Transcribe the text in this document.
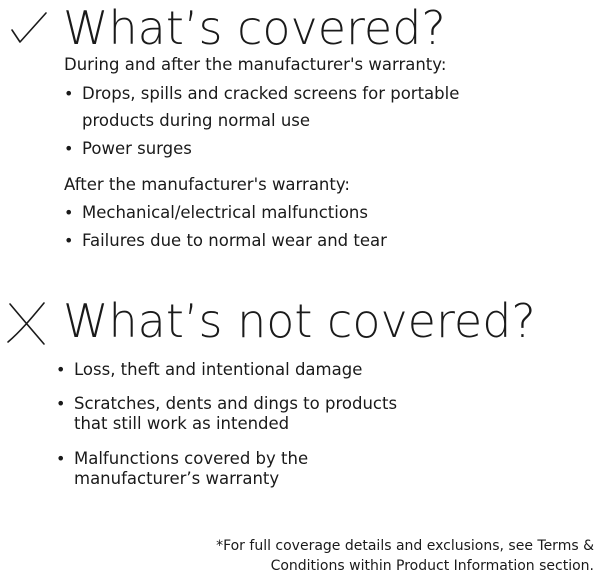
What’s covered?
During and after the manufacturer's warranty:
• Drops, spills and cracked screens for portable
products during normal use
• Power surges
After the manufacturer's warranty:
• Mechanical/electrical malfunctions
• Failures due to normal wear and tear
What’s not covered?
• Loss, theft and intentional damage
• Scratches, dents and dings to products
that still work as intended
• Malfunctions covered by the
manufacturer’s warranty
*For full coverage details and exclusions, see Terms &
Conditions within Product Information section.
